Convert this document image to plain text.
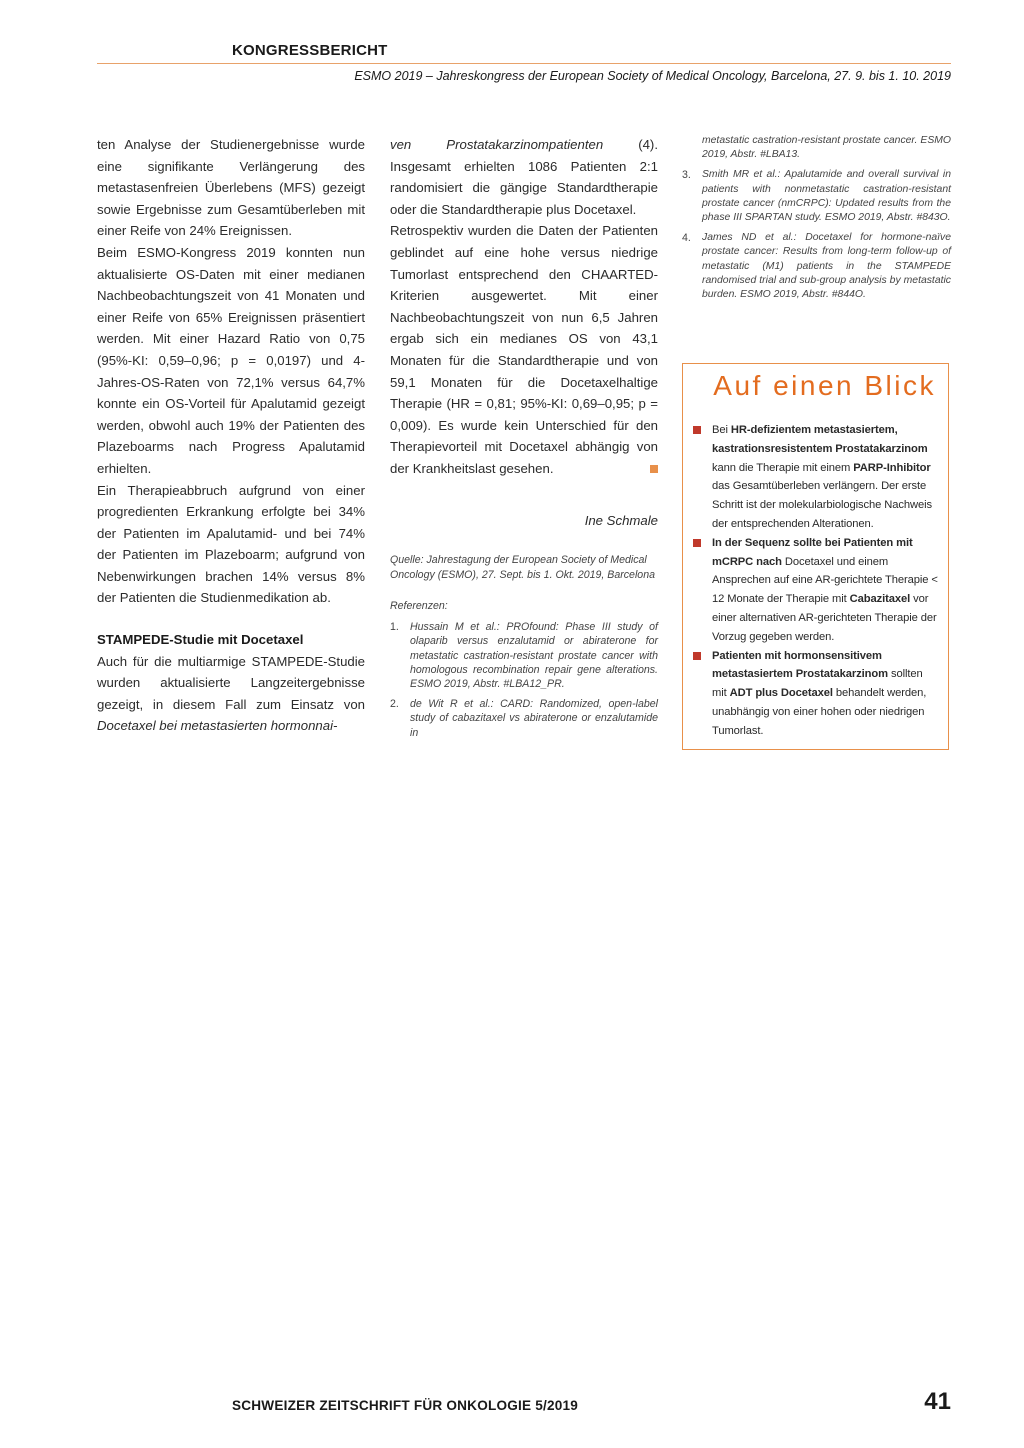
KONGRESSBERICHT
ESMO 2019 – Jahreskongress der European Society of Medical Oncology, Barcelona, 27. 9. bis 1. 10. 2019

ten Analyse der Studienergebnisse wurde eine signifikante Verlängerung des metastasenfreien Überlebens (MFS) gezeigt sowie Ergebnisse zum Gesamtüberleben mit einer Reife von 24% Ereignissen.

Beim ESMO-Kongress 2019 konnten nun aktualisierte OS-Daten mit einer medianen Nachbeobachtungszeit von 41 Monaten und einer Reife von 65% Ereignissen präsentiert werden. Mit einer Hazard Ratio von 0,75 (95%-KI: 0,59–0,96; p = 0,0197) und 4-Jahres-OS-Raten von 72,1% versus 64,7% konnte ein OS-Vorteil für Apalutamid gezeigt werden, obwohl auch 19% der Patienten des Plazeboarms nach Progress Apalutamid erhielten.

Ein Therapieabbruch aufgrund von einer progredienten Erkrankung erfolgte bei 34% der Patienten im Apalutamid- und bei 74% der Patienten im Plazeboarm; aufgrund von Nebenwirkungen brachen 14% versus 8% der Patienten die Studienmedikation ab.

STAMPEDE-Studie mit Docetaxel

Auch für die multiarmige STAMPEDE-Studie wurden aktualisierte Langzeitergebnisse gezeigt, in diesem Fall zum Einsatz von Docetaxel bei metastasierten hormonnai-

ven Prostatakarzinompatienten (4). Insgesamt erhielten 1086 Patienten 2:1 randomisiert die gängige Standardtherapie oder die Standardtherapie plus Docetaxel.

Retrospektiv wurden die Daten der Patienten geblindet auf eine hohe versus niedrige Tumorlast entsprechend den CHAARTED-Kriterien ausgewertet. Mit einer Nachbeobachtungszeit von nun 6,5 Jahren ergab sich ein medianes OS von 43,1 Monaten für die Standardtherapie und von 59,1 Monaten für die Docetaxelhaltige Therapie (HR = 0,81; 95%-KI: 0,69–0,95; p = 0,009). Es wurde kein Unterschied für den Therapievorteil mit Docetaxel abhängig von der Krankheitslast gesehen.

Ine Schmale

Quelle: Jahrestagung der European Society of Medical Oncology (ESMO), 27. Sept. bis 1. Okt. 2019, Barcelona

Referenzen:

1.	Hussain M et al.: PROfound: Phase III study of olaparib versus enzalutamid or abiraterone for metastatic castration-resistant prostate cancer with homologous recombination repair gene alterations. ESMO 2019, Abstr. #LBA12_PR.
2.	de Wit R et al.: CARD: Randomized, open-label study of cabazitaxel vs abiraterone or enzalutamide in
metastatic castration-resistant prostate cancer. ESMO 2019, Abstr. #LBA13.
3.	Smith MR et al.: Apalutamide and overall survival in patients with nonmetastatic castration-resistant prostate cancer (nmCRPC): Updated results from the phase III SPARTAN study. ESMO 2019, Abstr. #843O.
4.	James ND et al.: Docetaxel for hormone-naïve prostate cancer: Results from long-term follow-up of metastatic (M1) patients in the STAMPEDE randomised trial and sub-group analysis by metastatic burden. ESMO 2019, Abstr. #844O.
Auf einen Blick
Bei HR-defizientem metastasiertem, kastrationsresistentem Prostatakarzinom kann die Therapie mit einem PARP-Inhibitor das Gesamtüberleben verlängern. Der erste Schritt ist der molekularbiologische Nachweis der entsprechenden Alterationen.
In der Sequenz sollte bei Patienten mit mCRPC nach Docetaxel und einem Ansprechen auf eine AR-gerichtete Therapie < 12 Monate der Therapie mit Cabazitaxel vor einer alternativen AR-gerichteten Therapie der Vorzug gegeben werden.
Patienten mit hormonsensitivem metastasiertem Prostatakarzinom sollten mit ADT plus Docetaxel behandelt werden, unabhängig von einer hohen oder niedrigen Tumorlast.
SCHWEIZER ZEITSCHRIFT FÜR ONKOLOGIE 5/2019	41
